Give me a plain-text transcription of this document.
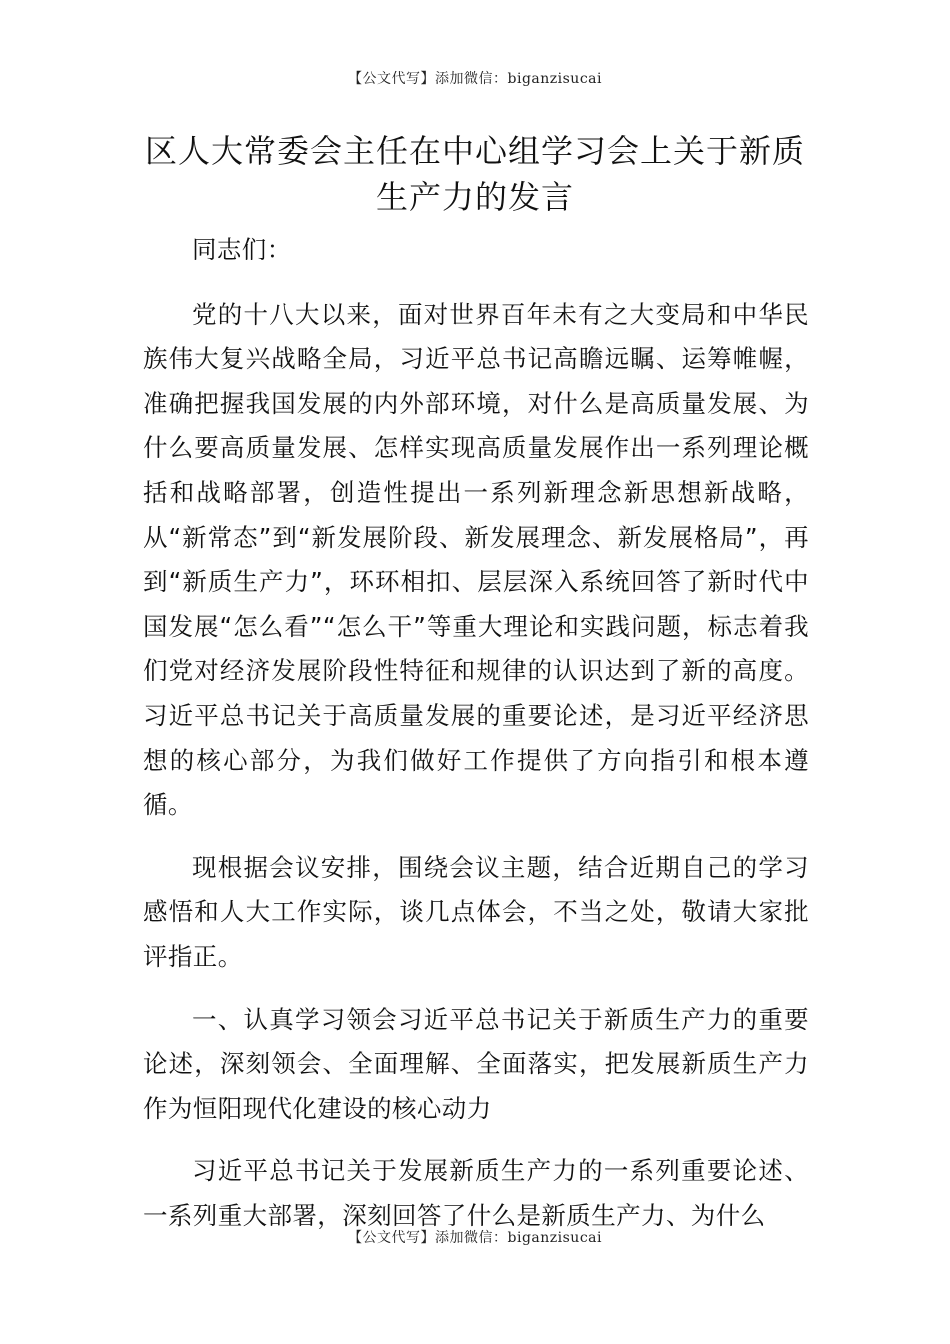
【公文代写】添加微信：biganzisucai
区人大常委会主任在中心组学习会上关于新质生产力的发言

同志们：

党的十八大以来，面对世界百年未有之大变局和中华民族伟大复兴战略全局，习近平总书记高瞻远瞩、运筹帷幄，准确把握我国发展的内外部环境，对什么是高质量发展、为什么要高质量发展、怎样实现高质量发展作出一系列理论概括和战略部署，创造性提出一系列新理念新思想新战略，从“新常态”到“新发展阶段、新发展理念、新发展格局”，再到“新质生产力”，环环相扣、层层深入系统回答了新时代中国发展“怎么看”“怎么干”等重大理论和实践问题，标志着我们党对经济发展阶段性特征和规律的认识达到了新的高度。习近平总书记关于高质量发展的重要论述，是习近平经济思想的核心部分，为我们做好工作提供了方向指引和根本遵循。

现根据会议安排，围绕会议主题，结合近期自己的学习感悟和人大工作实际，谈几点体会，不当之处，敬请大家批评指正。

一、认真学习领会习近平总书记关于新质生产力的重要论述，深刻领会、全面理解、全面落实，把发展新质生产力作为恒阳现代化建设的核心动力

习近平总书记关于发展新质生产力的一系列重要论述、一系列重大部署，深刻回答了什么是新质生产力、为什么

【公文代写】添加微信：biganzisucai
